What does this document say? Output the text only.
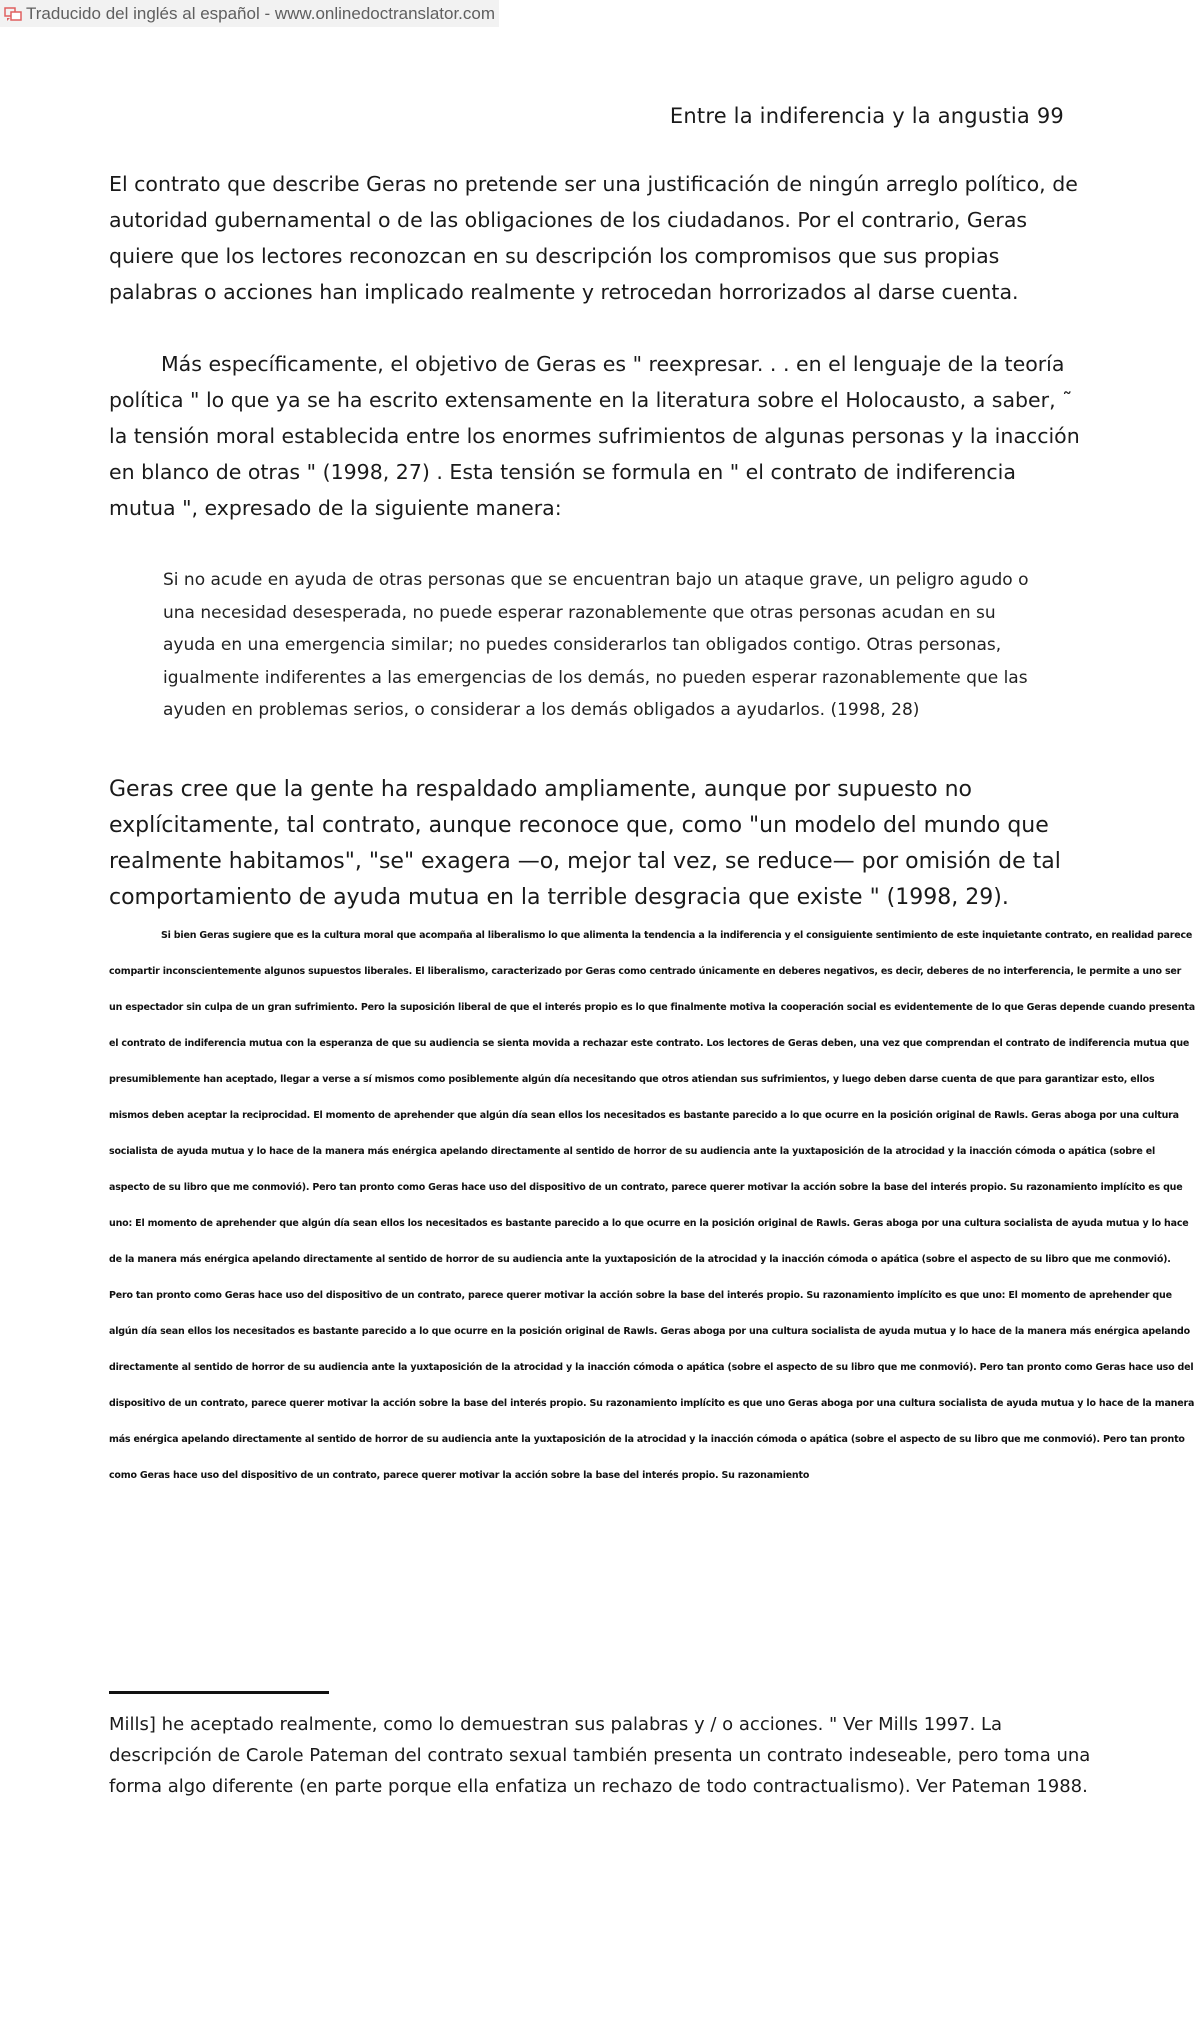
Traducido del inglés al español - www.onlinedoctranslator.com
Entre la indiferencia y la angustia 99

El contrato que describe Geras no pretende ser una justificación de ningún arreglo político, de autoridad gubernamental o de las obligaciones de los ciudadanos. Por el contrario, Geras quiere que los lectores reconozcan en su descripción los compromisos que sus propias palabras o acciones han implicado realmente y retrocedan horrorizados al darse cuenta.

Más específicamente, el objetivo de Geras es " reexpresar. . . en el lenguaje de la teoría política " lo que ya se ha escrito extensamente en la literatura sobre el Holocausto, a saber, ˜ la tensión moral establecida entre los enormes sufrimientos de algunas personas y la inacción en blanco de otras " (1998, 27) . Esta tensión se formula en " el contrato de indiferencia mutua ", expresado de la siguiente manera:

Si no acude en ayuda de otras personas que se encuentran bajo un ataque grave, un peligro agudo o una necesidad desesperada, no puede esperar razonablemente que otras personas acudan en su ayuda en una emergencia similar; no puedes considerarlos tan obligados contigo. Otras personas, igualmente indiferentes a las emergencias de los demás, no pueden esperar razonablemente que las ayuden en problemas serios, o considerar a los demás obligados a ayudarlos. (1998, 28)

Geras cree que la gente ha respaldado ampliamente, aunque por supuesto no explícitamente, tal contrato, aunque reconoce que, como "un modelo del mundo que realmente habitamos", "se" exagera —o, mejor tal vez, se reduce— por omisión de tal comportamiento de ayuda mutua en la terrible desgracia que existe " (1998, 29).

Si bien Geras sugiere que es la cultura moral que acompaña al liberalismo lo que alimenta la tendencia a la indiferencia y el consiguiente sentimiento de este inquietante contrato, en realidad parece compartir inconscientemente algunos supuestos liberales. El liberalismo, caracterizado por Geras como centrado únicamente en deberes negativos, es decir, deberes de no interferencia, le permite a uno ser un espectador sin culpa de un gran sufrimiento. Pero la suposición liberal de que el interés propio es lo que finalmente motiva la cooperación social es evidentemente de lo que Geras depende cuando presenta el contrato de indiferencia mutua con la esperanza de que su audiencia se sienta movida a rechazar este contrato. Los lectores de Geras deben, una vez que comprendan el contrato de indiferencia mutua que presumiblemente han aceptado, llegar a verse a sí mismos como posiblemente algún día necesitando que otros atiendan sus sufrimientos, y luego deben darse cuenta de que para garantizar esto, ellos mismos deben aceptar la reciprocidad. El momento de aprehender que algún día sean ellos los necesitados es bastante parecido a lo que ocurre en la posición original de Rawls. Geras aboga por una cultura socialista de ayuda mutua y lo hace de la manera más enérgica apelando directamente al sentido de horror de su audiencia ante la yuxtaposición de la atrocidad y la inacción cómoda o apática (sobre el aspecto de su libro que me conmovió). Pero tan pronto como Geras hace uso del dispositivo de un contrato, parece querer motivar la acción sobre la base del interés propio. Su razonamiento implícito es que uno: El momento de aprehender que algún día sean ellos los necesitados es bastante parecido a lo que ocurre en la posición original de Rawls. Geras aboga por una cultura socialista de ayuda mutua y lo hace de la manera más enérgica apelando directamente al sentido de horror de su audiencia ante la yuxtaposición de la atrocidad y la inacción cómoda o apática (sobre el aspecto de su libro que me conmovió). Pero tan pronto como Geras hace uso del dispositivo de un contrato, parece querer motivar la acción sobre la base del interés propio. Su razonamiento implícito es que uno: El momento de aprehender que algún día sean ellos los necesitados es bastante parecido a lo que ocurre en la posición original de Rawls. Geras aboga por una cultura socialista de ayuda mutua y lo hace de la manera más enérgica apelando directamente al sentido de horror de su audiencia ante la yuxtaposición de la atrocidad y la inacción cómoda o apática (sobre el aspecto de su libro que me conmovió). Pero tan pronto como Geras hace uso del dispositivo de un contrato, parece querer motivar la acción sobre la base del interés propio. Su razonamiento implícito es que uno Geras aboga por una cultura socialista de ayuda mutua y lo hace de la manera más enérgica apelando directamente al sentido de horror de su audiencia ante la yuxtaposición de la atrocidad y la inacción cómoda o apática (sobre el aspecto de su libro que me conmovió). Pero tan pronto como Geras hace uso del dispositivo de un contrato, parece querer motivar la acción sobre la base del interés propio. Su razonamiento

Mills] he aceptado realmente, como lo demuestran sus palabras y / o acciones. " Ver Mills 1997. La descripción de Carole Pateman del contrato sexual también presenta un contrato indeseable, pero toma una forma algo diferente (en parte porque ella enfatiza un rechazo de todo contractualismo). Ver Pateman 1988.
